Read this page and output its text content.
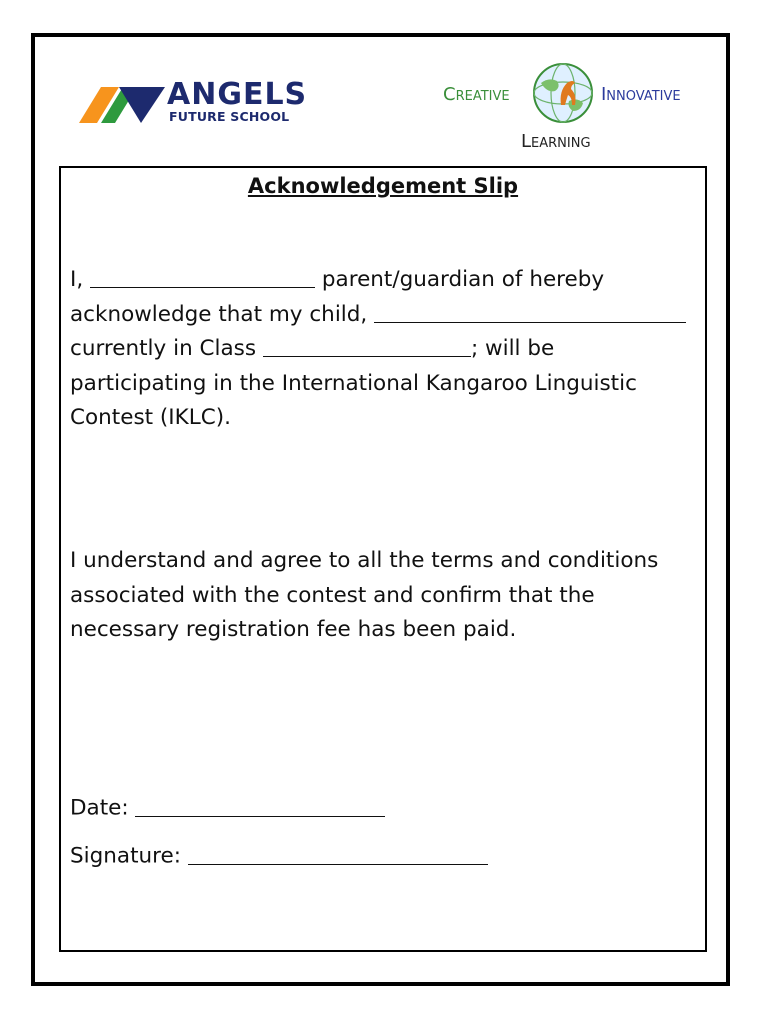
ANGELS
FUTURE SCHOOL
Creative	Innovative
Learning
Acknowledgement Slip

I,	parent/guardian of hereby acknowledge that my child,  currently in Class	; will be participating in the International Kangaroo Linguistic Contest (IKLC).

I understand and agree to all the terms and conditions associated with the contest and confirm that the necessary registration fee has been paid.

Date:

Signature:
